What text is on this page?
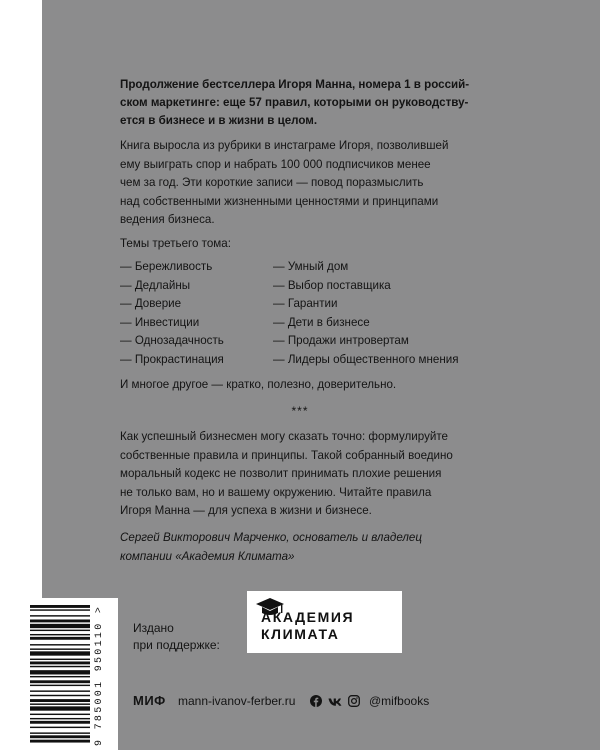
Продолжение бестселлера Игоря Манна, номера 1 в россий-
ском маркетинге: еще 57 правил, которыми он руководству-
ется в бизнесе и в жизни в целом.
Книга выросла из рубрики в инстаграме Игоря, позволившей
ему выиграть спор и набрать 100 000 подписчиков менее
чем за год. Эти короткие записи — повод поразмыслить
над собственными жизненными ценностями и принципами
ведения бизнеса.
Темы третьего тома:
— Бережливость	— Умный дом
— Дедлайны	— Выбор поставщика
— Доверие	— Гарантии
— Инвестиции	— Дети в бизнесе
— Однозадачность	— Продажи интровертам
— Прокрастинация	— Лидеры общественного мнения
И многое другое — кратко, полезно, доверительно.
***
Как успешный бизнесмен могу сказать точно: формулируйте
собственные правила и принципы. Такой собранный воедино
моральный кодекс не позволит принимать плохие решения
не только вам, но и вашему окружению. Читайте правила
Игоря Манна — для успеха в жизни и бизнесе.
Сергей Викторович Марченко, основатель и владелец
компании «Академия Климата»
9 785001 950110 > Издано
при поддержке:
АКАДЕМИЯ
КЛИМАТА
МИФ mann-ivanov-ferber.ru	@mifbooks
